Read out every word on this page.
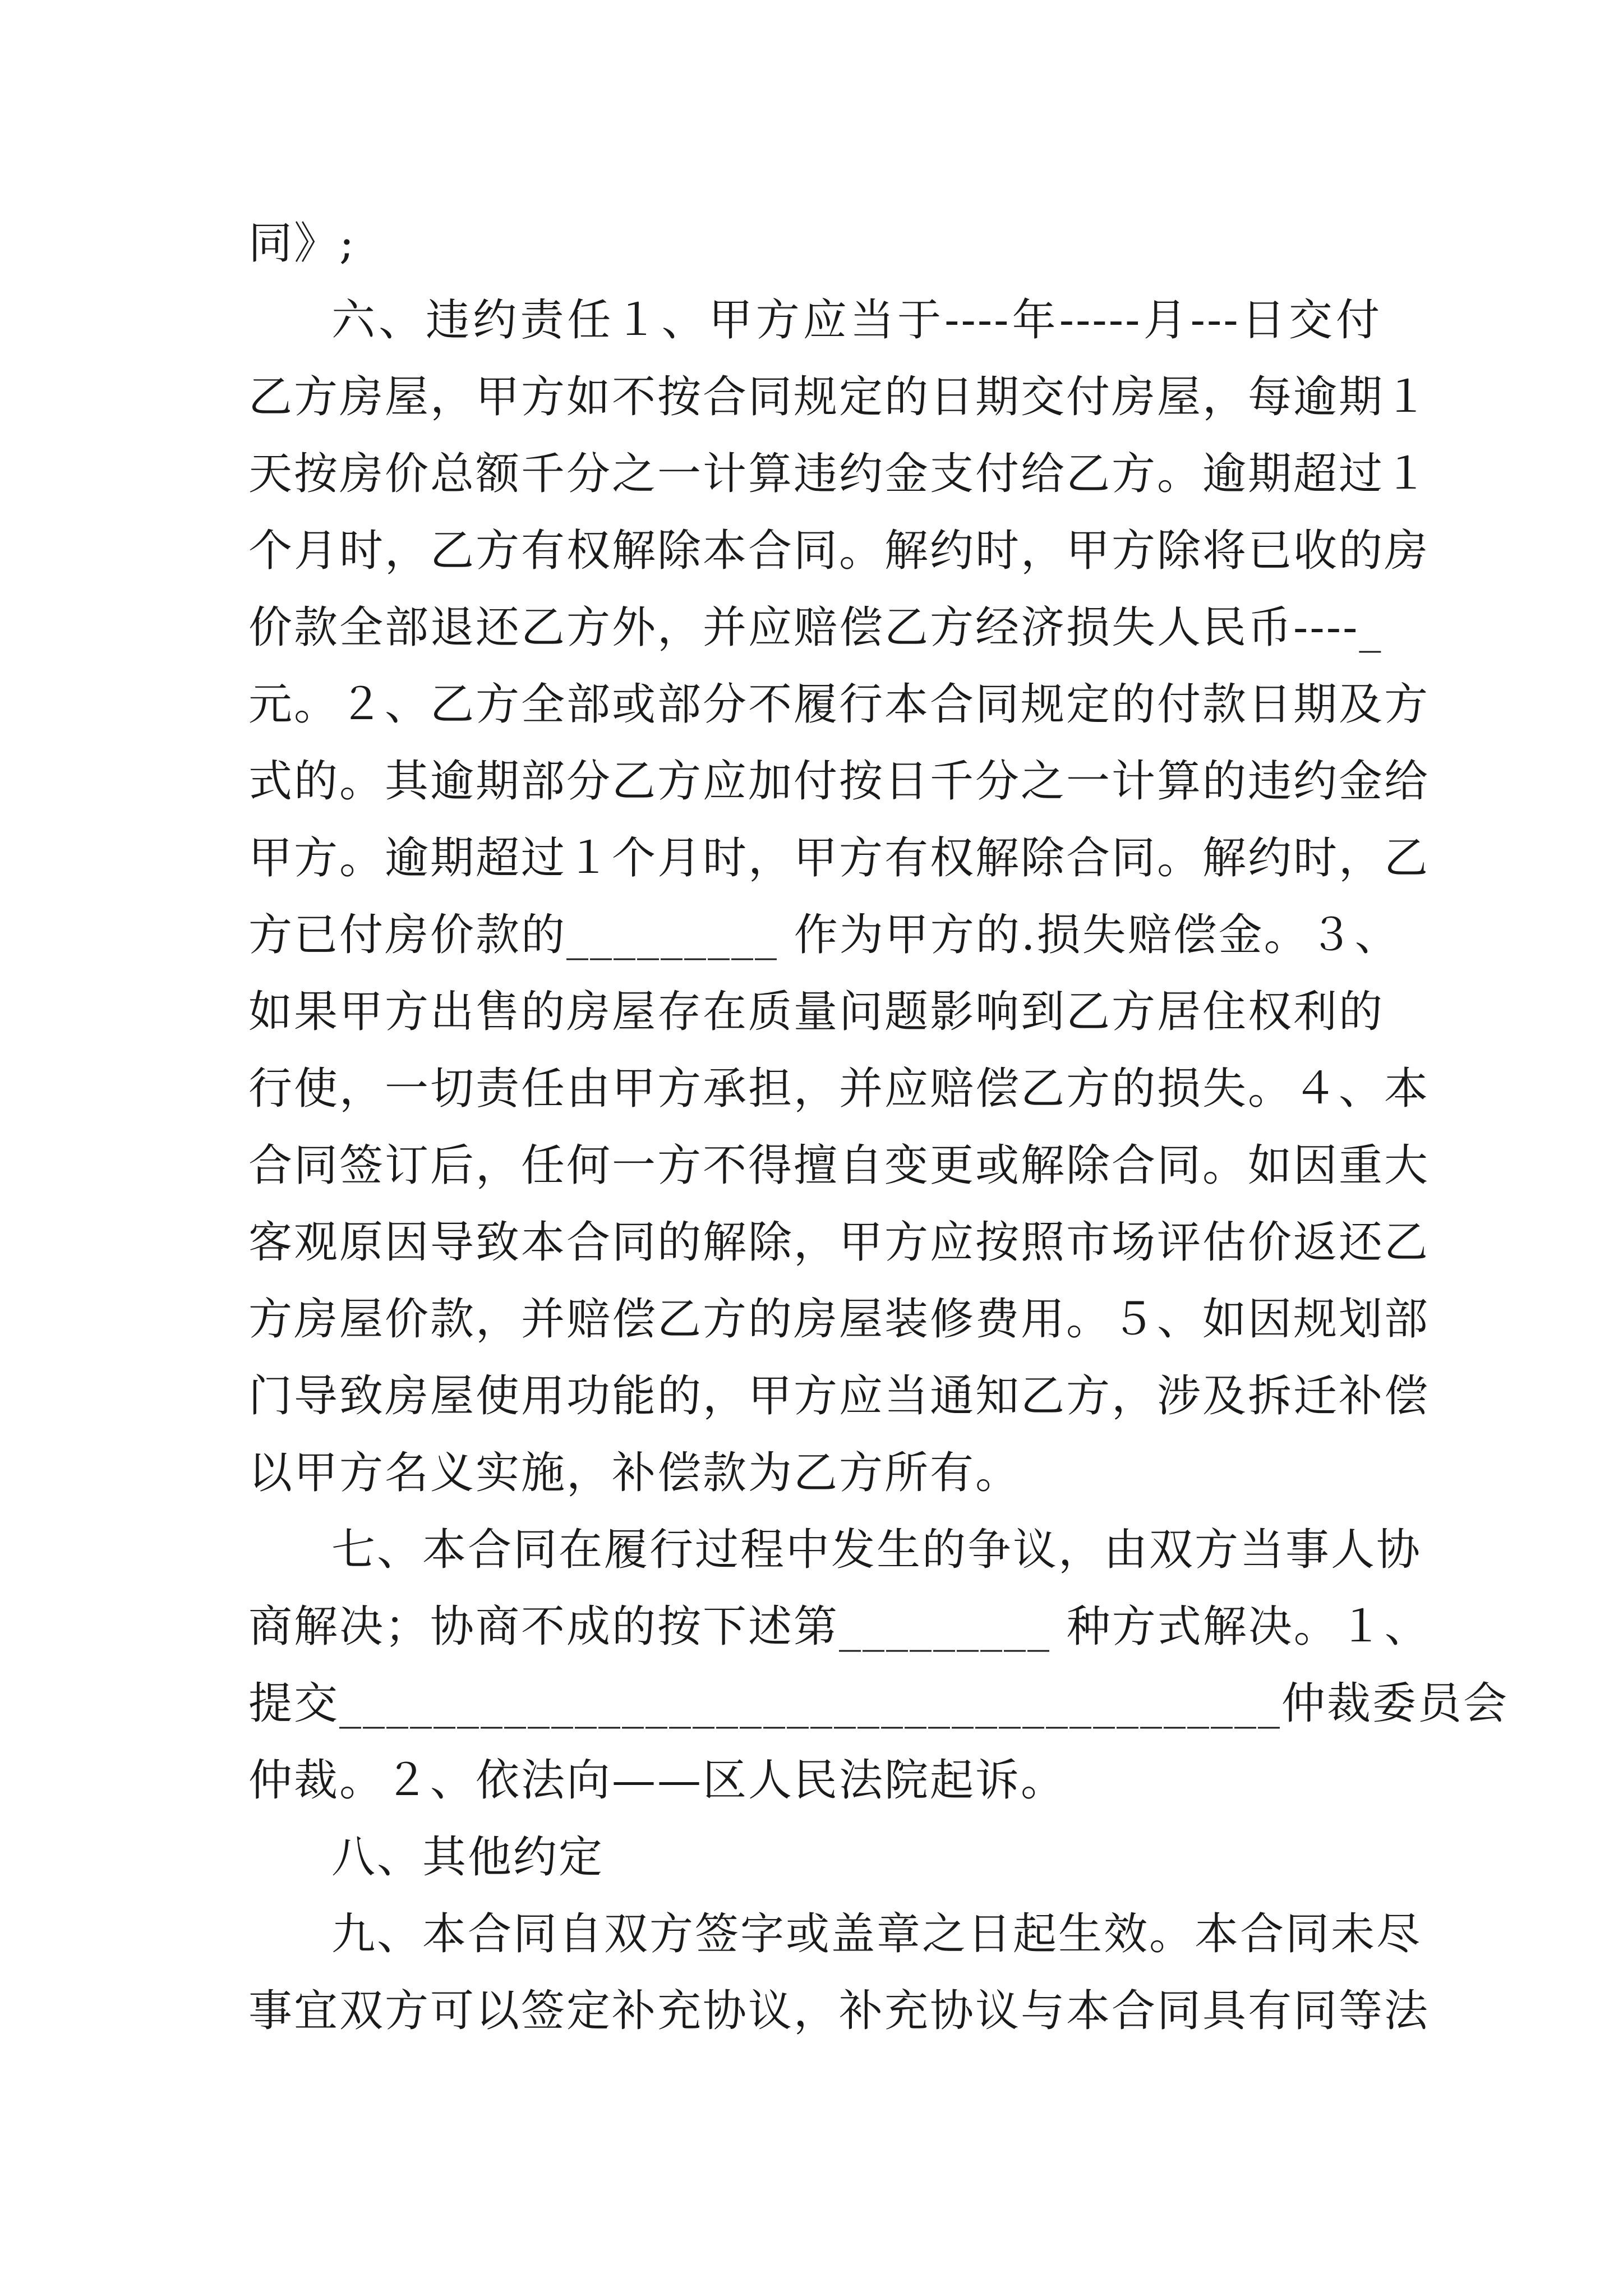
同》;
六、违约责任１、甲方应当于----年-----月---日交付
乙方房屋，甲方如不按合同规定的日期交付房屋，每逾期１
天按房价总额千分之一计算违约金支付给乙方。逾期超过１
个月时，乙方有权解除本合同。解约时，甲方除将已收的房
价款全部退还乙方外，并应赔偿乙方经济损失人民币----_
元。２、乙方全部或部分不履行本合同规定的付款日期及方
式的。其逾期部分乙方应加付按日千分之一计算的违约金给
甲方。逾期超过１个月时，甲方有权解除合同。解约时，乙
方已付房价款的_________ 作为甲方的.损失赔偿金。３、
如果甲方出售的房屋存在质量问题影响到乙方居住权利的
行使，一切责任由甲方承担，并应赔偿乙方的损失。４、本
合同签订后，任何一方不得擅自变更或解除合同。如因重大
客观原因导致本合同的解除，甲方应按照市场评估价返还乙
方房屋价款，并赔偿乙方的房屋装修费用。５、如因规划部
门导致房屋使用功能的，甲方应当通知乙方，涉及拆迁补偿
以甲方名义实施，补偿款为乙方所有。
七、本合同在履行过程中发生的争议，由双方当事人协
商解决；协商不成的按下述第_________ 种方式解决。１、
提交________________________________________仲裁委员会
仲裁。２、依法向——区人民法院起诉。
八、其他约定
九、本合同自双方签字或盖章之日起生效。本合同未尽
事宜双方可以签定补充协议，补充协议与本合同具有同等法
